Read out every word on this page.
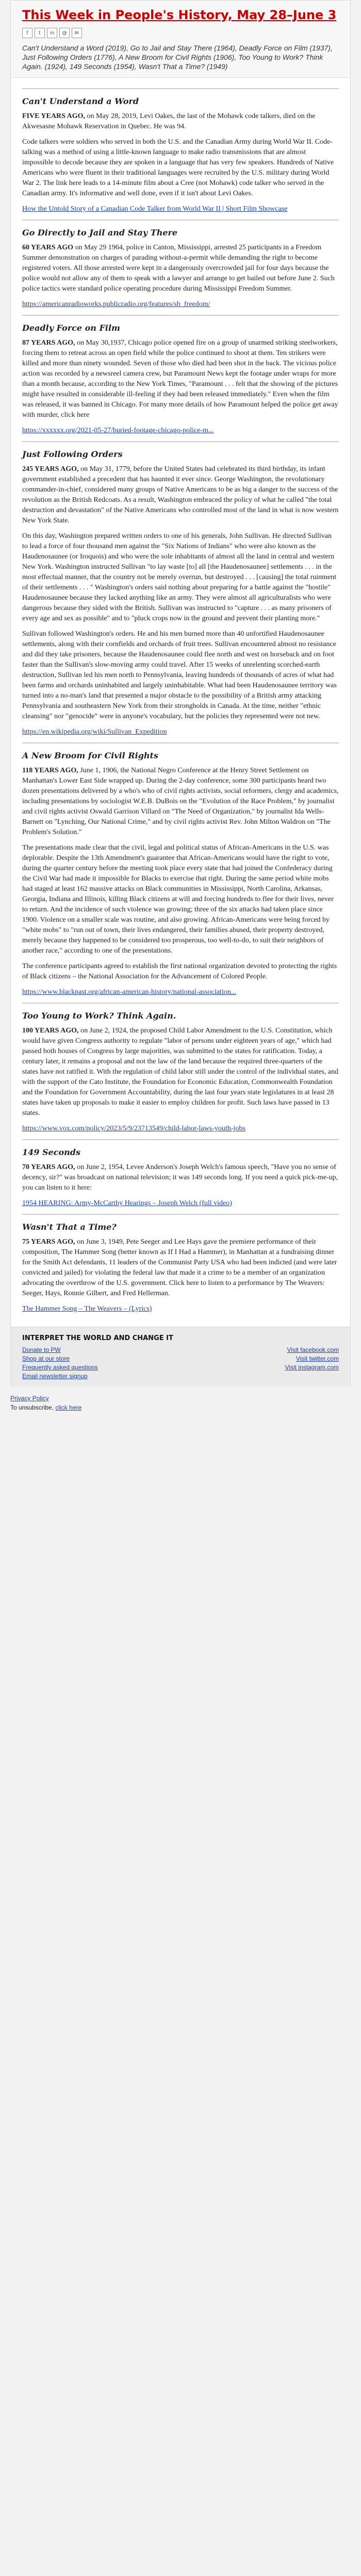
This Week in People's History, May 28–June 3
f	t	in	@	✉

Can't Understand a Word (2019), Go to Jail and Stay There (1964), Deadly Force on Film (1937), Just Following Orders (1776), A New Broom for Civil Rights (1906), Too Young to Work? Think Again. (1924), 149 Seconds (1954), Wasn't That a Time? (1949)

Can't Understand a Word

FIVE YEARS AGO, on May 28, 2019, Levi Oakes, the last of the Mohawk code talkers, died on the Akwesasne Mohawk Reservation in Quebec. He was 94.

Code talkers were soldiers who served in both the U.S. and the Canadian Army during World War II. Code-talking was a method of using a little-known language to make radio transmissions that are almost impossible to decode because they are spoken in a language that has very few speakers. Hundreds of Native Americans who were fluent in their traditional languages were recruited by the U.S. military during World War 2. The link here leads to a 14-minute film about a Cree (not Mohawk) code talker who served in the Canadian army. It's informative and well done, even if it isn't about Levi Oakes.

How the Untold Story of a Canadian Code Talker from World War II | Short Film Showcase

Go Directly to Jail and Stay There

60 YEARS AGO on May 29 1964, police in Canton, Mississippi, arrested 25 participants in a Freedom Summer demonstration on charges of parading without-a-permit while demanding the right to become registered voters. All those arrested were kept in a dangerously overcrowded jail for four days because the police would not allow any of them to speak with a lawyer and arrange to get bailed out before June 2. Such police tactics were standard police operating procedure during Mississippi Freedom Summer.

https://americanradioworks.publicradio.org/features/sb_freedom/

Deadly Force on Film

87 YEARS AGO, on May 30,1937, Chicago police opened fire on a group of unarmed striking steelworkers, forcing them to retreat across an open field while the police continued to shoot at them. Ten strikers were killed and more than ninety wounded. Seven of those who died had been shot in the back. The vicious police action was recorded by a newsreel camera crew, but Paramount News kept the footage under wraps for more than a month because, according to the New York Times, "Paramount . . . felt that the showing of the pictures might have resulted in considerable ill-feeling if they had been released immediately." Even when the film was released, it was banned in Chicago. For many more details of how Paramount helped the police get away with murder, click here

https://xxxxxx.org/2021-05-27/buried-footage-chicago-police-m...

Just Following Orders

245 YEARS AGO, on May 31, 1779, before the United States had celebrated its third birthday, its infant government established a precedent that has haunted it ever since. George Washington, the revolutionary commander-in-chief, considered many groups of Native Americans to be as big a danger to the success of the revolution as the British Redcoats. As a result, Washington embraced the policy of what he called "the total destruction and devastation" of the Native Americans who controlled most of the land in what is now western New York State.

On this day, Washington prepared written orders to one of his generals, John Sullivan. He directed Sullivan to lead a force of four thousand men against the "Six Nations of Indians" who were also known as the Haudenosaunee (or Iroquois) and who were the sole inhabitants of almost all the land in central and western New York. Washington instructed Sullivan "to lay waste [to] all [the Haudenosaunee] settlements . . . in the most effectual manner, that the country not be merely overrun, but destroyed . . . [causing] the total ruinment of their settlements . . . " Washington's orders said nothing about preparing for a battle against the "hostile" Haudenosaunee because they lacked anything like an army. They were almost all agriculturalists who were dangerous because they sided with the British. Sullivan was instructed to "capture . . . as many prisoners of every age and sex as possible" and to "pluck crops now in the ground and prevent their planting more."

Sullivan followed Washington's orders. He and his men burned more than 40 unfortified Haudenosaunee settlements, along with their cornfields and orchards of fruit trees. Sullivan encountered almost no resistance and did they take prisoners, because the Haudenosaunee could flee north and west on horseback and on foot faster than the Sullivan's slow-moving army could travel. After 15 weeks of unrelenting scorched-earth destruction, Sullivan led his men north to Pennsylvania, leaving hundreds of thousands of acres of what had been farms and orchards uninhabited and largely uninhabitable. What had been Haudenosaunee territory was turned into a no-man's land that presented a major obstacle to the possibility of a British army attacking Pennsylvania and southeastern New York from their strongholds in Canada. At the time, neither "ethnic cleansing" nor "genocide" were in anyone's vocabulary, but the policies they represented were not new.

https://en.wikipedia.org/wiki/Sullivan_Expedition

A New Broom for Civil Rights

118 YEARS AGO, June 1, 1906, the National Negro Conference at the Henry Street Settlement on Manhattan's Lower East Side wrapped up. During the 2-day conference, some 300 participants heard two dozen presentations delivered by a who's who of civil rights activists, social reformers, clergy and academics, including presentations by sociologist W.E.B. DuBois on the "Evolution of the Race Problem," by journalist and civil rights activist Oswald Garrison Villard on "The Need of Organization," by journalist Ida Wells-Barnett on "Lynching, Our National Crime," and by civil rights activist Rev. John Milton Waldron on "The Problem's Solution."

The presentations made clear that the civil, legal and political status of African-Americans in the U.S. was deplorable. Despite the 13th Amendment's guarantee that African-Americans would have the right to vote, during the quarter century before the meeting took place every state that had joined the Confederacy during the Civil War had made it impossible for Blacks to exercise that right. During the same period white mobs had staged at least 162 massive attacks on Black communities in Mississippi, North Carolina, Arkansas, Georgia, Indiana and Illinois, killing Black citizens at will and forcing hundreds to flee for their lives, never to return. And the incidence of such violence was growing; three of the six attacks had taken place since 1900. Violence on a smaller scale was routine, and also growing. African-Americans were being forced by "white mobs" to "run out of town, their lives endangered, their families abused, their property destroyed, merely because they happened to be considered too prosperous, too well-to-do, to suit their neighbors of another race," according to one of the presentations.

The conference participants agreed to establish the first national organization devoted to protecting the rights of Black citizens – the National Association for the Advancement of Colored People.

https://www.blackpast.org/african-american-history/national-association...

Too Young to Work? Think Again.

100 YEARS AGO, on June 2, 1924, the proposed Child Labor Amendment to the U.S. Constitution, which would have given Congress authority to regulate "labor of persons under eighteen years of age," which had passed both houses of Congress by large majorities, was submitted to the states for ratification. Today, a century later, it remains a proposal and not the law of the land because the required three-quarters of the states have not ratified it. With the regulation of child labor still under the control of the individual states, and with the support of the Cato Institute, the Foundation for Economic Education, Commonwealth Foundation and the Foundation for Government Accountability, during the last four years state legislatures in at least 28 states have taken up proposals to make it easier to employ children for profit. Such laws have passed in 13 states.

https://www.vox.com/policy/2023/5/9/23713549/child-labor-laws-youth-jobs

149 Seconds

70 YEARS AGO, on June 2, 1954, Levee Anderson's Joseph Welch's famous speech, "Have you no sense of decency, sir?" was broadcast on national television; it was 149 seconds long. If you need a quick pick-me-up, you can listen to it here:

1954 HEARING: Army-McCarthy Hearings – Joseph Welch (full video)

Wasn't That a Time?

75 YEARS AGO, on June 3, 1949, Pete Seeger and Lee Hays gave the premiere performance of their composition, The Hammer Song (better known as If I Had a Hammer), in Manhattan at a fundraising dinner for the Smith Act defendants, 11 leaders of the Communist Party USA who had been indicted (and were later convicted and jailed) for violating the federal law that made it a crime to be a member of an organization advocating the overthrow of the U.S. government. Click here to listen to a performance by The Weavers: Seeger, Hays, Ronnie Gilbert, and Fred Hellerman.

The Hammer Song – The Weavers – (Lyrics)

INTERPRET THE WORLD AND CHANGE IT
Donate to PW
Shop at our store
Frequently asked questions
Email newsletter signup
Visit facebook.com
Visit twitter.com
Visit instagram.com
Privacy Policy
To unsubscribe, click here
